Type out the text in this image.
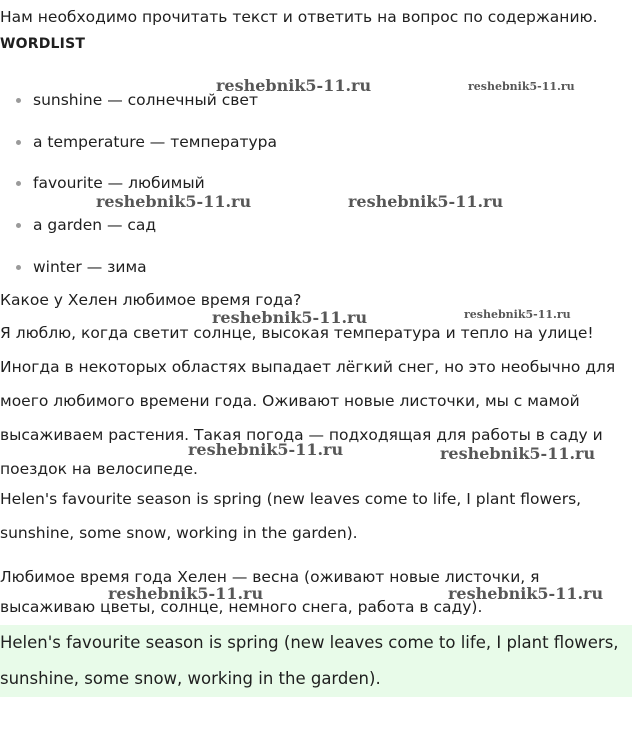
Нам необходимо прочитать текст и ответить на вопрос по содержанию.

WORDLIST
sunshine — солнечный свет
a temperature — температура
favourite — любимый
a garden — сад
winter — зима

Какое у Хелен любимое время года?

Я люблю, когда светит солнце, высокая температура и тепло на улице! Иногда в некоторых областях выпадает лёгкий снег, но это необычно для моего любимого времени года. Оживают новые листочки, мы с мамой высаживаем растения. Такая погода — подходящая для работы в саду и поездок на велосипеде.

Helen's favourite season is spring (new leaves come to life, I plant flowers, sunshine, some snow, working in the garden).

Любимое время года Хелен — весна (оживают новые листочки, я высаживаю цветы, солнце, немного снега, работа в саду).

Helen's favourite season is spring (new leaves come to life, I plant flowers,
sunshine, some snow, working in the garden).
reshebnik5-11.ru	reshebnik5-11.ru
reshebnik5-11.ru	reshebnik5-11.ru
reshebnik5-11.ru	reshebnik5-11.ru
reshebnik5-11.ru	reshebnik5-11.ru
reshebnik5-11.ru	reshebnik5-11.ru
